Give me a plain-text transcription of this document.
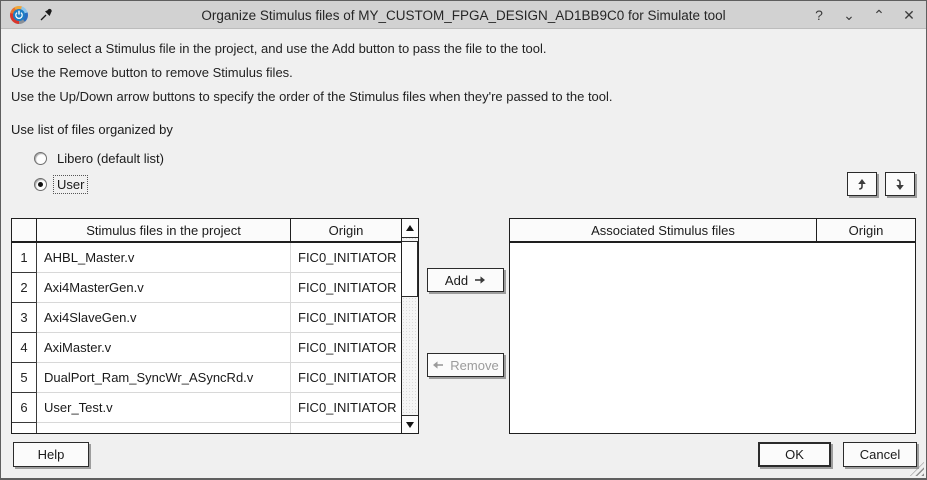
Organize Stimulus files of MY_CUSTOM_FPGA_DESIGN_AD1BB9C0 for Simulate tool	?	⌄ ⌃ ✕
Click to select a Stimulus file in the project, and use the Add button to pass the file to the tool.
Use the Remove button to remove Stimulus files.
Use the Up/Down arrow buttons to specify the order of the Stimulus files when they're passed to the tool.
Use list of files organized by
Libero (default list)
User
Stimulus files in the project	Origin
1	AHBL_Master.v	FIC0_INITIATOR
2	Axi4MasterGen.v	FIC0_INITIATOR
3	Axi4SlaveGen.v	FIC0_INITIATOR
4	AxiMaster.v	FIC0_INITIATOR
5	DualPort_Ram_SyncWr_ASyncRd.v	FIC0_INITIATOR
6	User_Test.v	FIC0_INITIATOR
Add
Remove
Associated Stimulus files	Origin
Help	OK	Cancel
